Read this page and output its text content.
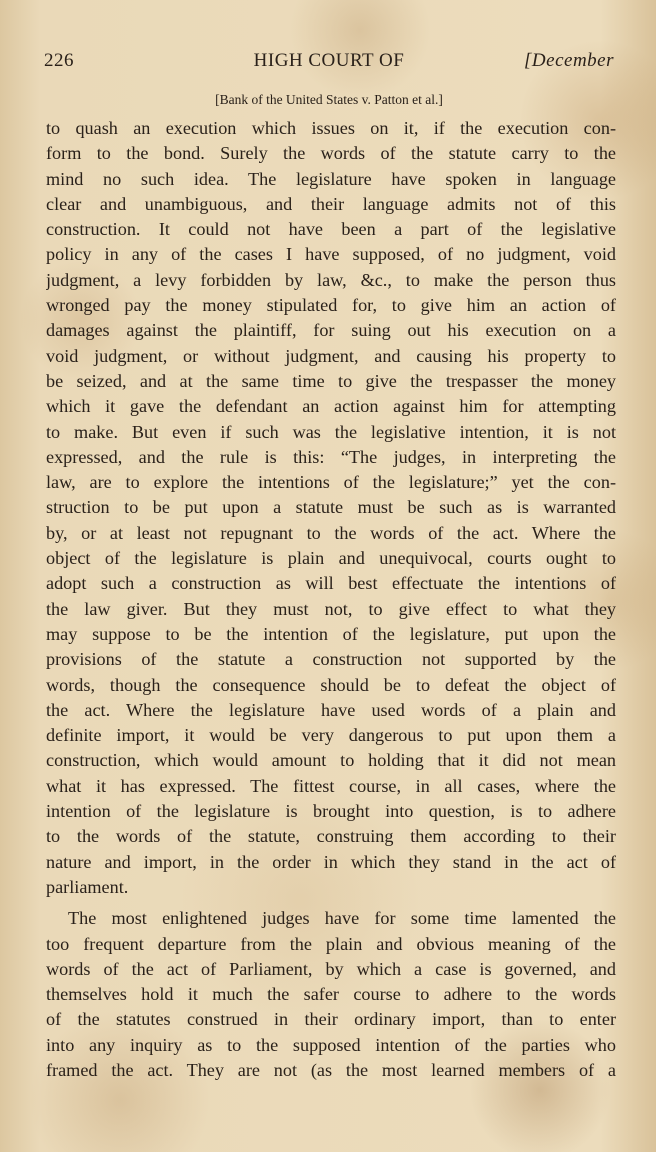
226	HIGH COURT OF	[December
[Bank of the United States v. Patton et al.]
to quash an execution which issues on it, if the execution con-
form to the bond. Surely the words of the statute carry to the
mind no such idea. The legislature have spoken in language
clear and unambiguous, and their language admits not of this
construction. It could not have been a part of the legislative
policy in any of the cases I have supposed, of no judgment, void
judgment, a levy forbidden by law, &c., to make the person thus
wronged pay the money stipulated for, to give him an action of
damages against the plaintiff, for suing out his execution on a
void judgment, or without judgment, and causing his property to
be seized, and at the same time to give the trespasser the money
which it gave the defendant an action against him for attempting
to make. But even if such was the legislative intention, it is not
expressed, and the rule is this: “The judges, in interpreting the
law, are to explore the intentions of the legislature;” yet the con-
struction to be put upon a statute must be such as is warranted
by, or at least not repugnant to the words of the act. Where the
object of the legislature is plain and unequivocal, courts ought to
adopt such a construction as will best effectuate the intentions of
the law giver. But they must not, to give effect to what they
may suppose to be the intention of the legislature, put upon the
provisions of the statute a construction not supported by the
words, though the consequence should be to defeat the object of
the act. Where the legislature have used words of a plain and
definite import, it would be very dangerous to put upon them a
construction, which would amount to holding that it did not mean
what it has expressed. The fittest course, in all cases, where the
intention of the legislature is brought into question, is to adhere
to the words of the statute, construing them according to their
nature and import, in the order in which they stand in the act of
parliament.
The most enlightened judges have for some time lamented the
too frequent departure from the plain and obvious meaning of the
words of the act of Parliament, by which a case is governed, and
themselves hold it much the safer course to adhere to the words
of the statutes construed in their ordinary import, than to enter
into any inquiry as to the supposed intention of the parties who
framed the act. They are not (as the most learned members of a
